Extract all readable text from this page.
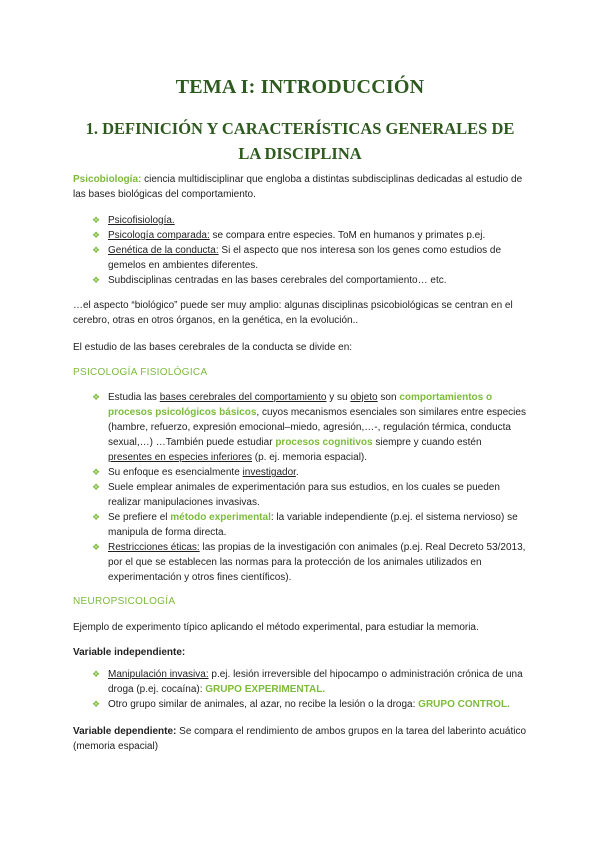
TEMA I: INTRODUCCIÓN
1. DEFINICIÓN Y CARACTERÍSTICAS GENERALES DE LA DISCIPLINA

Psicobiología: ciencia multidisciplinar que engloba a distintas subdisciplinas dedicadas al estudio de las bases biológicas del comportamiento.

❖ Psicofisiología.
❖ Psicología comparada: se compara entre especies. ToM en humanos y primates p.ej.
❖ Genética de la conducta: Si el aspecto que nos interesa son los genes como estudios de gemelos en ambientes diferentes.
❖ Subdisciplinas centradas en las bases cerebrales del comportamiento… etc.

…el aspecto “biológico” puede ser muy amplio: algunas disciplinas psicobiológicas se centran en el cerebro, otras en otros órganos, en la genética, en la evolución..

El estudio de las bases cerebrales de la conducta se divide en:

PSICOLOGÍA FISIOLÓGICA

❖ Estudia las bases cerebrales del comportamiento y su objeto son comportamientos o procesos psicológicos básicos, cuyos mecanismos esenciales son similares entre especies (hambre, refuerzo, expresión emocional–miedo, agresión,…-, regulación térmica, conducta sexual,…) …También puede estudiar procesos cognitivos siempre y cuando estén presentes en especies inferiores (p. ej. memoria espacial).
❖ Su enfoque es esencialmente investigador.
❖ Suele emplear animales de experimentación para sus estudios, en los cuales se pueden realizar manipulaciones invasivas.
❖ Se prefiere el método experimental: la variable independiente (p.ej. el sistema nervioso) se manipula de forma directa.
❖ Restricciones éticas: las propias de la investigación con animales (p.ej. Real Decreto 53/2013, por el que se establecen las normas para la protección de los animales utilizados en experimentación y otros fines científicos).

NEUROPSICOLOGÍA

Ejemplo de experimento típico aplicando el método experimental, para estudiar la memoria.

Variable independiente:

❖ Manipulación invasiva: p.ej. lesión irreversible del hipocampo o administración crónica de una droga (p.ej. cocaína): GRUPO EXPERIMENTAL.
❖ Otro grupo similar de animales, al azar, no recibe la lesión o la droga: GRUPO CONTROL.

Variable dependiente: Se compara el rendimiento de ambos grupos en la tarea del laberinto acuático (memoria espacial)
